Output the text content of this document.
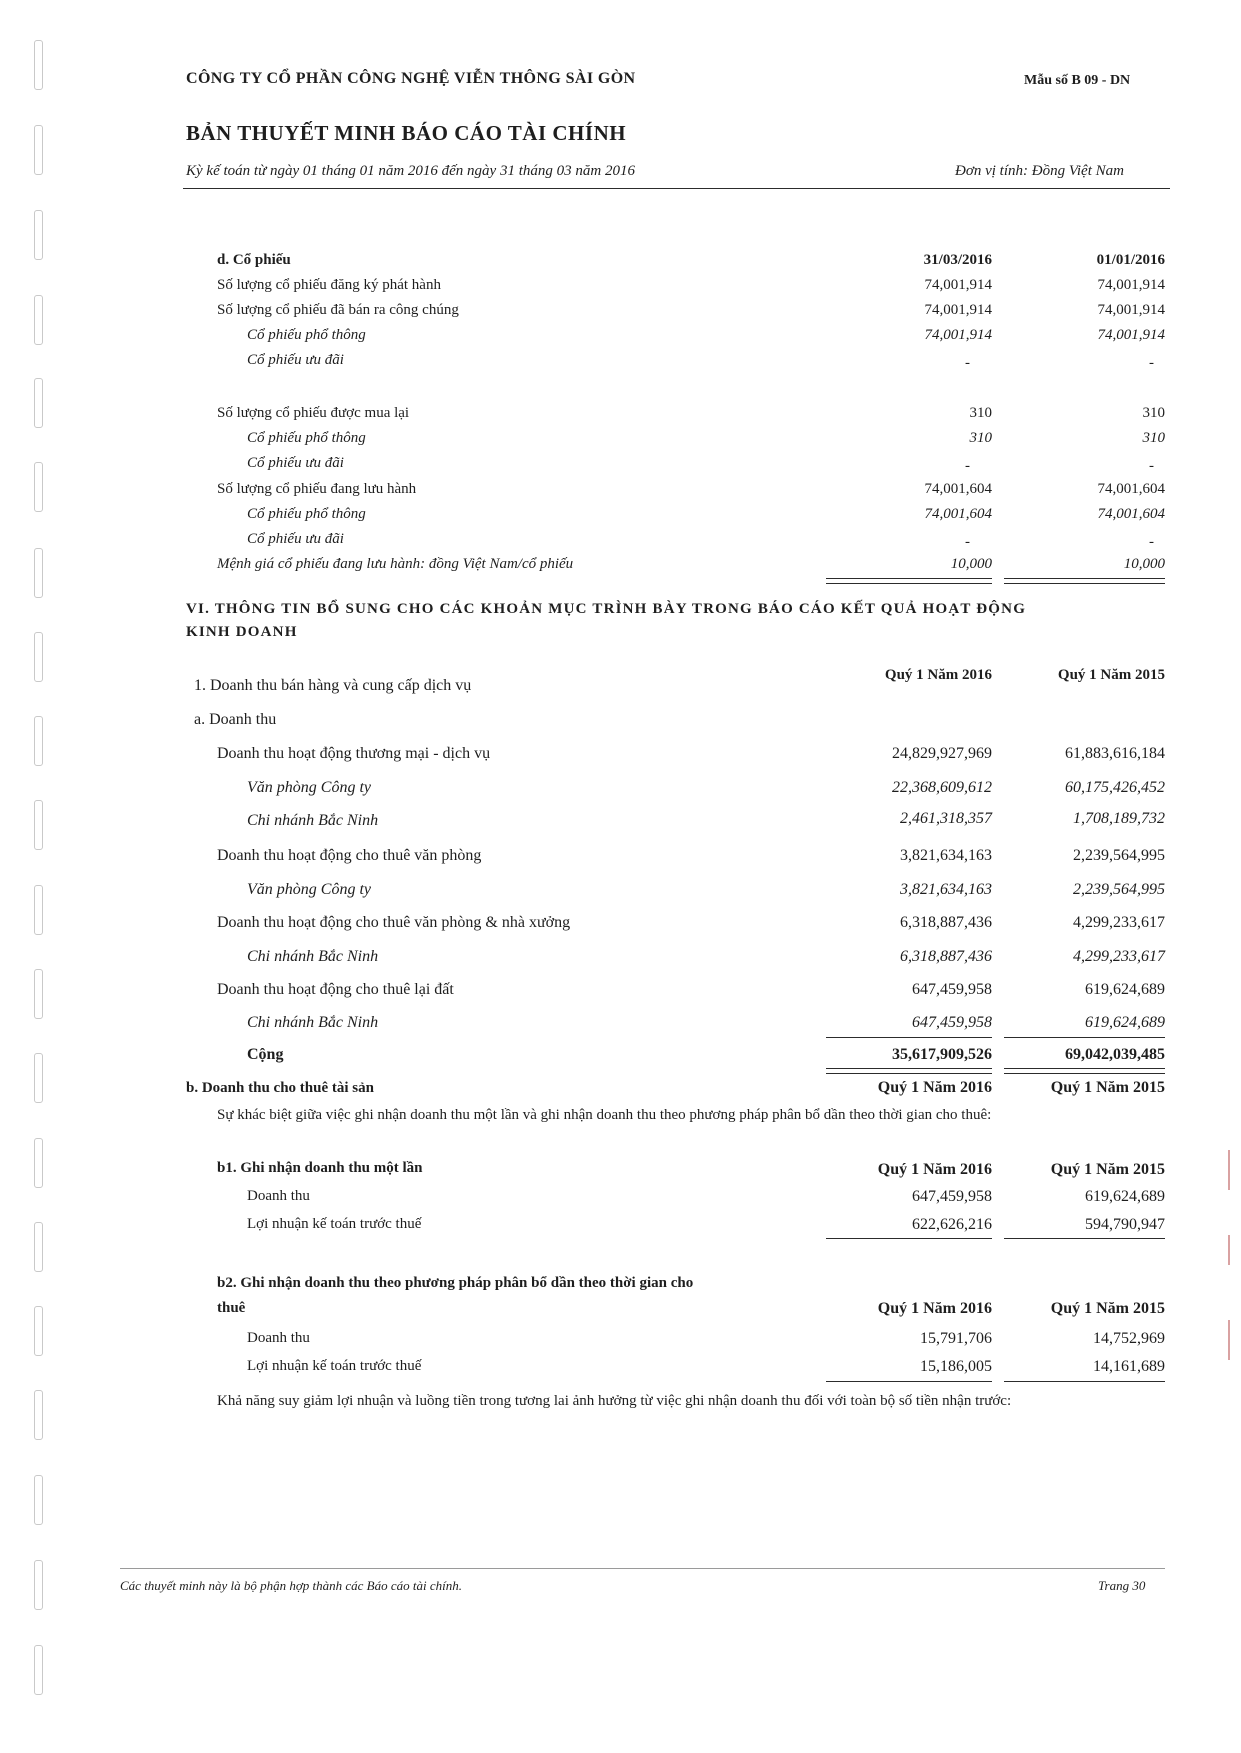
CÔNG TY CỔ PHẦN CÔNG NGHỆ VIỄN THÔNG SÀI GÒN	Mẫu số B 09 - DN
BẢN THUYẾT MINH BÁO CÁO TÀI CHÍNH
Kỳ kế toán từ ngày 01 tháng 01 năm 2016 đến ngày 31 tháng 03 năm 2016	Đơn vị tính: Đồng Việt Nam
d. Cổ phiếu	31/03/2016	01/01/2016
Số lượng cổ phiếu đăng ký phát hành	74,001,914	74,001,914
Số lượng cổ phiếu đã bán ra công chúng	74,001,914	74,001,914
Cổ phiếu phổ thông	74,001,914	74,001,914
Cổ phiếu ưu đãi	-	-
Số lượng cổ phiếu được mua lại	310	310
Cổ phiếu phổ thông	310	310
Cổ phiếu ưu đãi	-	-
Số lượng cổ phiếu đang lưu hành	74,001,604	74,001,604
Cổ phiếu phổ thông	74,001,604	74,001,604
Cổ phiếu ưu đãi	-	-
Mệnh giá cổ phiếu đang lưu hành: đồng Việt Nam/cổ phiếu	10,000	10,000
VI. THÔNG TIN BỔ SUNG CHO CÁC KHOẢN MỤC TRÌNH BÀY TRONG BÁO CÁO KẾT QUẢ HOẠT ĐỘNG
KINH DOANH
1. Doanh thu bán hàng và cung cấp dịch vụ
Quý 1 Năm 2016	Quý 1 Năm 2015
a. Doanh thu
Doanh thu hoạt động thương mại - dịch vụ	24,829,927,969	61,883,616,184
Văn phòng Công ty	22,368,609,612	60,175,426,452
Chi nhánh Bắc Ninh	2,461,318,357	1,708,189,732
Doanh thu hoạt động cho thuê văn phòng	3,821,634,163	2,239,564,995
Văn phòng Công ty	3,821,634,163	2,239,564,995
Doanh thu hoạt động cho thuê văn phòng & nhà xưởng	6,318,887,436	4,299,233,617
Chi nhánh Bắc Ninh	6,318,887,436	4,299,233,617
Doanh thu hoạt động cho thuê lại đất	647,459,958	619,624,689
Chi nhánh Bắc Ninh	647,459,958	619,624,689
Cộng	35,617,909,526	69,042,039,485
b. Doanh thu cho thuê tài sản	Quý 1 Năm 2016	Quý 1 Năm 2015
Sự khác biệt giữa việc ghi nhận doanh thu một lần và ghi nhận doanh thu theo phương pháp phân bổ dần theo thời gian cho thuê:
b1. Ghi nhận doanh thu một lần	Quý 1 Năm 2016	Quý 1 Năm 2015
Doanh thu	647,459,958	619,624,689
Lợi nhuận kế toán trước thuế	622,626,216	594,790,947
b2. Ghi nhận doanh thu theo phương pháp phân bổ dần theo thời gian cho
thuê	Quý 1 Năm 2016	Quý 1 Năm 2015
Doanh thu	15,791,706	14,752,969
Lợi nhuận kế toán trước thuế	15,186,005	14,161,689
Khả năng suy giảm lợi nhuận và luồng tiền trong tương lai ảnh hưởng từ việc ghi nhận doanh thu đối với toàn bộ số tiền nhận trước:
Các thuyết minh này là bộ phận hợp thành các Báo cáo tài chính.	Trang 30
